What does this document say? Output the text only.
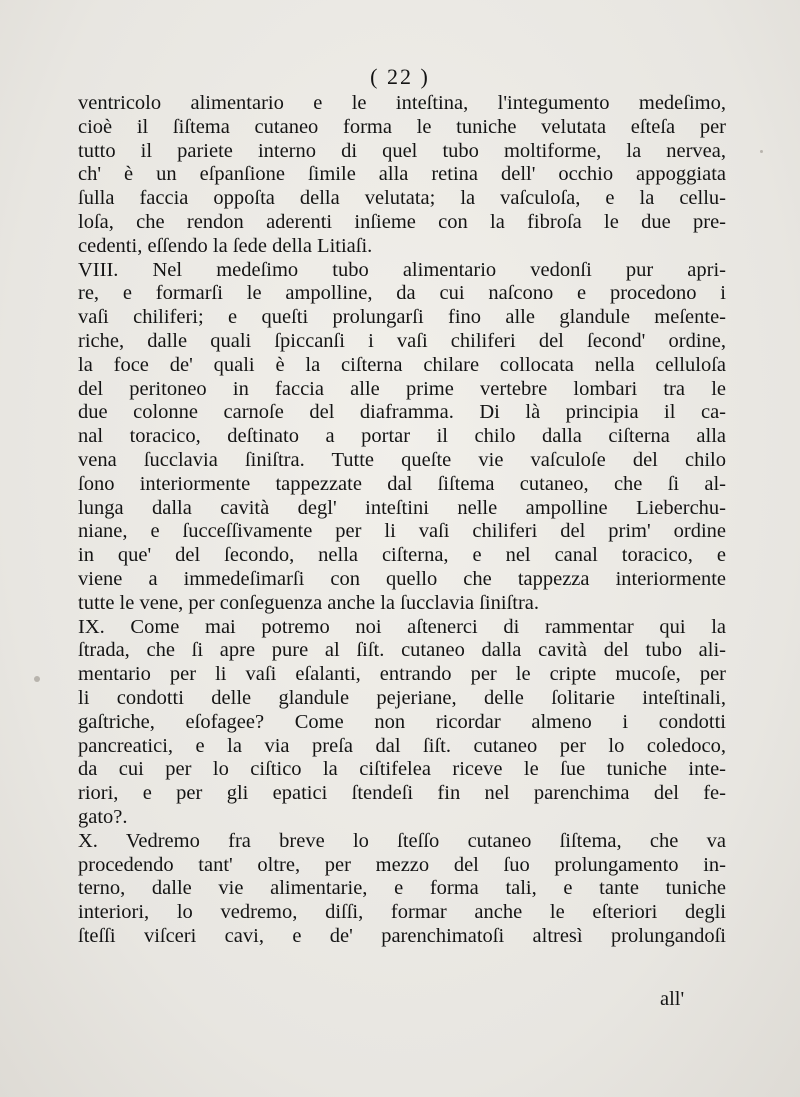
( 22 )
ventricolo alimentario e le inteſtina, l'integumento medeſimo,
cioè il ſiſtema cutaneo forma le tuniche velutata eſteſa per
tutto il pariete interno di quel tubo moltiforme, la nervea,
ch' è un eſpanſione ſimile alla retina dell' occhio appoggiata
ſulla faccia oppoſta della velutata; la vaſculoſa, e la cellu-
loſa, che rendon aderenti inſieme con la fibroſa le due pre-
cedenti, eſſendo la ſede della Litiaſi.
VIII. Nel medeſimo tubo alimentario vedonſi pur apri-
re, e formarſi le ampolline, da cui naſcono e procedono i
vaſi chiliferi; e queſti prolungarſi fino alle glandule meſente-
riche, dalle quali ſpiccanſi i vaſi chiliferi del ſecond' ordine,
la foce de' quali è la ciſterna chilare collocata nella celluloſa
del peritoneo in faccia alle prime vertebre lombari tra le
due colonne carnoſe del diaframma. Di là principia il ca-
nal toracico, deſtinato a portar il chilo dalla ciſterna alla
vena ſucclavia ſiniſtra. Tutte queſte vie vaſculoſe del chilo
ſono interiormente tappezzate dal ſiſtema cutaneo, che ſi al-
lunga dalla cavità degl' inteſtini nelle ampolline Lieberchu-
niane, e ſucceſſivamente per li vaſi chiliferi del prim' ordine
in que' del ſecondo, nella ciſterna, e nel canal toracico, e
viene a immedeſimarſi con quello che tappezza interiormente
tutte le vene, per conſeguenza anche la ſucclavia ſiniſtra.
IX. Come mai potremo noi aſtenerci di rammentar qui la
ſtrada, che ſi apre pure al ſiſt. cutaneo dalla cavità del tubo ali-
mentario per li vaſi eſalanti, entrando per le cripte mucoſe, per
li condotti delle glandule pejeriane, delle ſolitarie inteſtinali,
gaſtriche, eſofagee? Come non ricordar almeno i condotti
pancreatici, e la via preſa dal ſiſt. cutaneo per lo coledoco,
da cui per lo ciſtico la ciſtifelea riceve le ſue tuniche inte-
riori, e per gli epatici ſtendeſi fin nel parenchima del fe-
gato?.
X. Vedremo fra breve lo ſteſſo cutaneo ſiſtema, che va
procedendo tant' oltre, per mezzo del ſuo prolungamento in-
terno, dalle vie alimentarie, e forma tali, e tante tuniche
interiori, lo vedremo, diſſi, formar anche le eſteriori degli
ſteſſi viſceri cavi, e de' parenchimatoſi altresì prolungandoſi
all'
